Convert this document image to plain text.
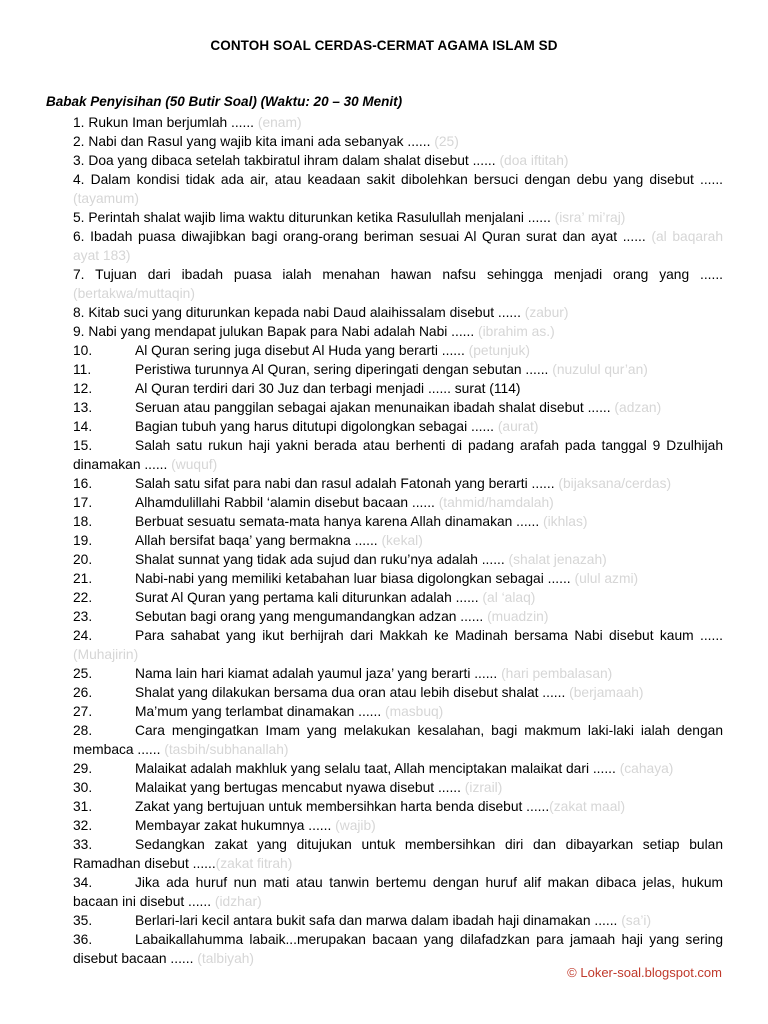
CONTOH SOAL CERDAS-CERMAT AGAMA ISLAM SD
Babak Penyisihan (50 Butir Soal) (Waktu: 20 – 30 Menit)
1. Rukun Iman berjumlah ...... (enam)
2. Nabi dan Rasul yang wajib kita imani ada sebanyak ...... (25)
3. Doa yang dibaca setelah takbiratul ihram dalam shalat disebut ...... (doa iftitah)
4. Dalam kondisi tidak ada air, atau keadaan sakit dibolehkan bersuci dengan debu yang disebut ...... (tayamum)
5. Perintah shalat wajib lima waktu diturunkan ketika Rasulullah menjalani ...... (isra’ mi’raj)
6. Ibadah puasa diwajibkan bagi orang-orang beriman sesuai Al Quran surat dan ayat ...... (al baqarah ayat 183)
7. Tujuan dari ibadah puasa ialah menahan hawan nafsu sehingga menjadi orang yang ...... (bertakwa/muttaqin)
8. Kitab suci yang diturunkan kepada nabi Daud alaihissalam disebut ...... (zabur)
9. Nabi yang mendapat julukan Bapak para Nabi adalah Nabi ...... (ibrahim as.)
10.	Al Quran sering juga disebut Al Huda yang berarti ...... (petunjuk)
11.	Peristiwa turunnya Al Quran, sering diperingati dengan sebutan ...... (nuzulul qur’an)
12.	Al Quran terdiri dari 30 Juz dan terbagi menjadi ...... surat (114)
13.	Seruan atau panggilan sebagai ajakan menunaikan ibadah shalat disebut ...... (adzan)
14.	Bagian tubuh yang harus ditutupi digolongkan sebagai ...... (aurat)
15.	Salah satu rukun haji yakni berada atau berhenti di padang arafah pada tanggal 9 Dzulhijah dinamakan ...... (wuquf)
16.	Salah satu sifat para nabi dan rasul adalah Fatonah yang berarti ...... (bijaksana/cerdas)
17.	Alhamdulillahi Rabbil ‘alamin disebut bacaan ...... (tahmid/hamdalah)
18.	Berbuat sesuatu semata-mata hanya karena Allah dinamakan ...... (ikhlas)
19.	Allah bersifat baqa’ yang bermakna ...... (kekal)
20.	Shalat sunnat yang tidak ada sujud dan ruku’nya adalah ...... (shalat jenazah)
21.	Nabi-nabi yang memiliki ketabahan luar biasa digolongkan sebagai ...... (ulul azmi)
22.	Surat Al Quran yang pertama kali diturunkan adalah ...... (al ‘alaq)
23.	Sebutan bagi orang yang mengumandangkan adzan ...... (muadzin)
24.	Para sahabat yang ikut berhijrah dari Makkah ke Madinah bersama Nabi disebut kaum ...... (Muhajirin)
25.	Nama lain hari kiamat adalah yaumul jaza’ yang berarti ...... (hari pembalasan)
26.	Shalat yang dilakukan bersama dua oran atau lebih disebut shalat ...... (berjamaah)
27.	Ma’mum yang terlambat dinamakan ...... (masbuq)
28.	Cara mengingatkan Imam yang melakukan kesalahan, bagi makmum laki-laki ialah dengan membaca ...... (tasbih/subhanallah)
29.	Malaikat adalah makhluk yang selalu taat, Allah menciptakan malaikat dari ...... (cahaya)
30.	Malaikat yang bertugas mencabut nyawa disebut ...... (izrail)
31.	Zakat yang bertujuan untuk membersihkan harta benda disebut ......(zakat maal)
32.	Membayar zakat hukumnya ...... (wajib)
33.	Sedangkan zakat yang ditujukan untuk membersihkan diri dan dibayarkan setiap bulan Ramadhan disebut ......(zakat fitrah)
34.	Jika ada huruf nun mati atau tanwin bertemu dengan huruf alif makan dibaca jelas, hukum bacaan ini disebut ...... (idzhar)
35.	Berlari-lari kecil antara bukit safa dan marwa dalam ibadah haji dinamakan ...... (sa’i)
36.	Labaikallahumma labaik...merupakan bacaan yang dilafadzkan para jamaah haji yang sering disebut bacaan ...... (talbiyah)
© Loker-soal.blogspot.com
